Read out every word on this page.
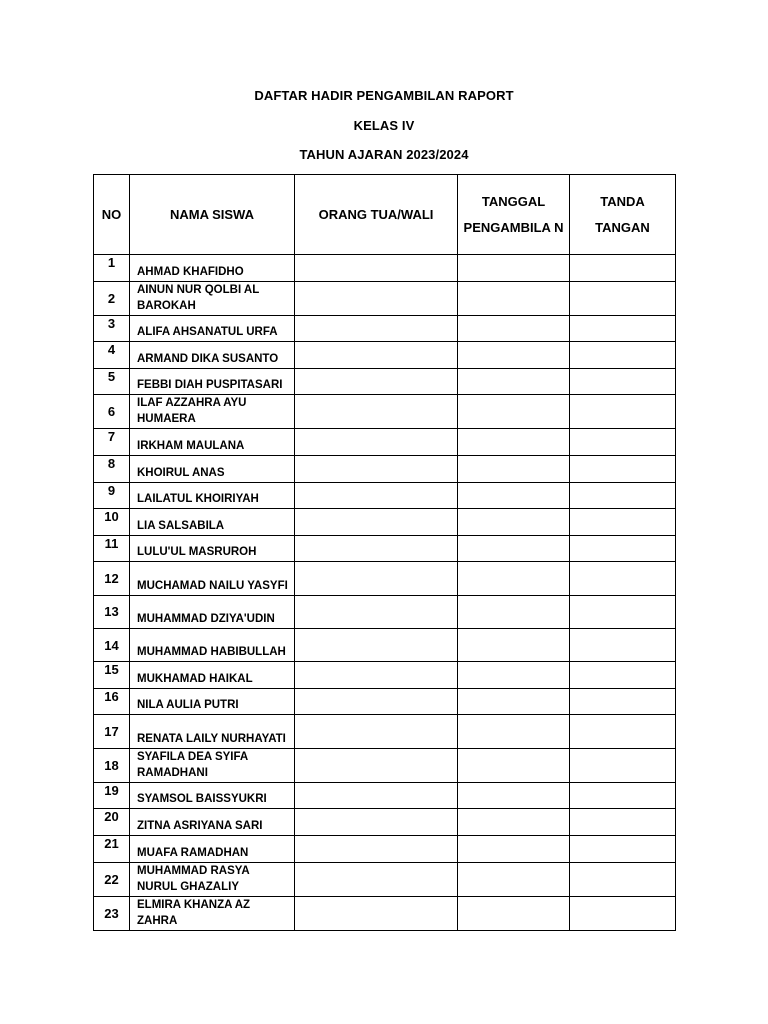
DAFTAR HADIR PENGAMBILAN RAPORT
KELAS IV
TAHUN AJARAN 2023/2024
NO	NAMA SISWA	ORANG TUA/WALI	TANGGAL PENGAMBILA N	TANDA TANGAN
1	AHMAD KHAFIDHO			
2	AINUN NUR QOLBI AL BAROKAH			
3	ALIFA AHSANATUL URFA			
4	ARMAND DIKA SUSANTO			
5	FEBBI DIAH PUSPITASARI			
6	ILAF AZZAHRA AYU HUMAERA			
7	IRKHAM MAULANA			
8	KHOIRUL ANAS			
9	LAILATUL KHOIRIYAH			
10	LIA SALSABILA			
11	LULU'UL MASRUROH			
12	MUCHAMAD NAILU YASYFI			
13	MUHAMMAD DZIYA'UDIN			
14	MUHAMMAD HABIBULLAH			
15	MUKHAMAD HAIKAL			
16	NILA AULIA PUTRI			
17	RENATA LAILY NURHAYATI			
18	SYAFILA DEA SYIFA RAMADHANI			
19	SYAMSOL BAISSYUKRI			
20	ZITNA ASRIYANA SARI			
21	MUAFA RAMADHAN			
22	MUHAMMAD RASYA NURUL GHAZALIY			
23	ELMIRA KHANZA AZ ZAHRA			
